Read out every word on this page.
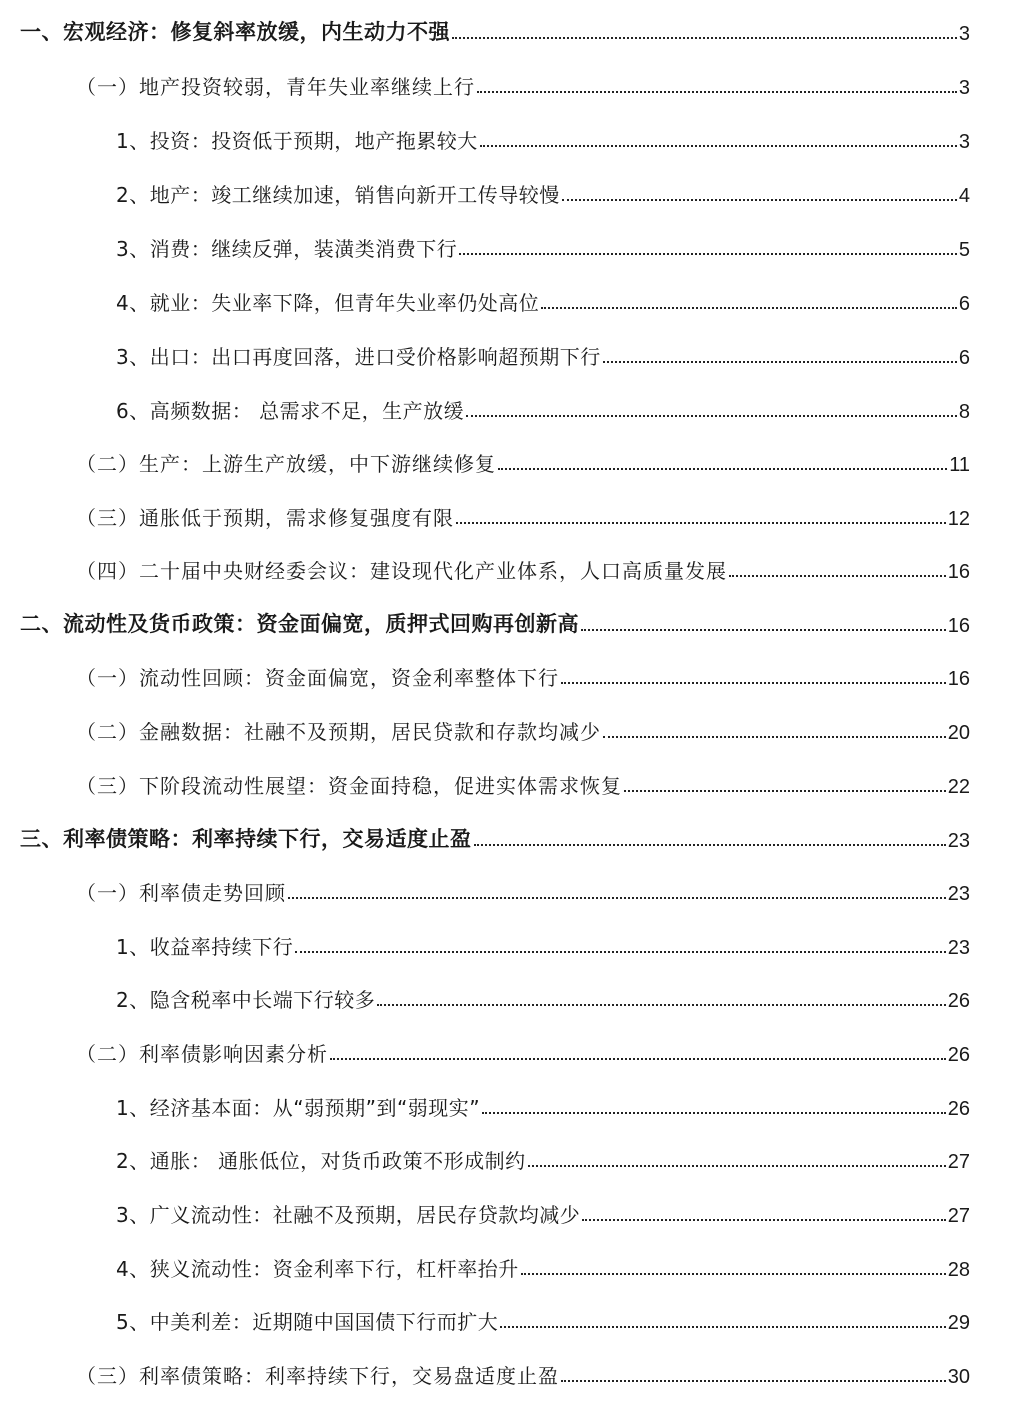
一、宏观经济：修复斜率放缓，内生动力不强	3
（一）地产投资较弱，青年失业率继续上行	3
1、投资：投资低于预期，地产拖累较大	3
2、地产：竣工继续加速，销售向新开工传导较慢	4
3、消费：继续反弹，装潢类消费下行	5
4、就业：失业率下降，但青年失业率仍处高位	6
3、出口：出口再度回落，进口受价格影响超预期下行	6
6、高频数据： 总需求不足，生产放缓	8
（二）生产：上游生产放缓，中下游继续修复	11
（三）通胀低于预期，需求修复强度有限	12
（四）二十届中央财经委会议：建设现代化产业体系，人口高质量发展	16
二、流动性及货币政策：资金面偏宽，质押式回购再创新高	16
（一）流动性回顾：资金面偏宽，资金利率整体下行	16
（二）金融数据：社融不及预期，居民贷款和存款均减少	20
（三）下阶段流动性展望：资金面持稳，促进实体需求恢复	22
三、利率债策略：利率持续下行，交易适度止盈	23
（一）利率债走势回顾	23
1、收益率持续下行	23
2、隐含税率中长端下行较多	26
（二）利率债影响因素分析	26
1、经济基本面：从“弱预期”到“弱现实”	26
2、通胀： 通胀低位，对货币政策不形成制约	27
3、广义流动性：社融不及预期，居民存贷款均减少	27
4、狭义流动性：资金利率下行，杠杆率抬升	28
5、中美利差：近期随中国国债下行而扩大	29
（三）利率债策略：利率持续下行，交易盘适度止盈	30
